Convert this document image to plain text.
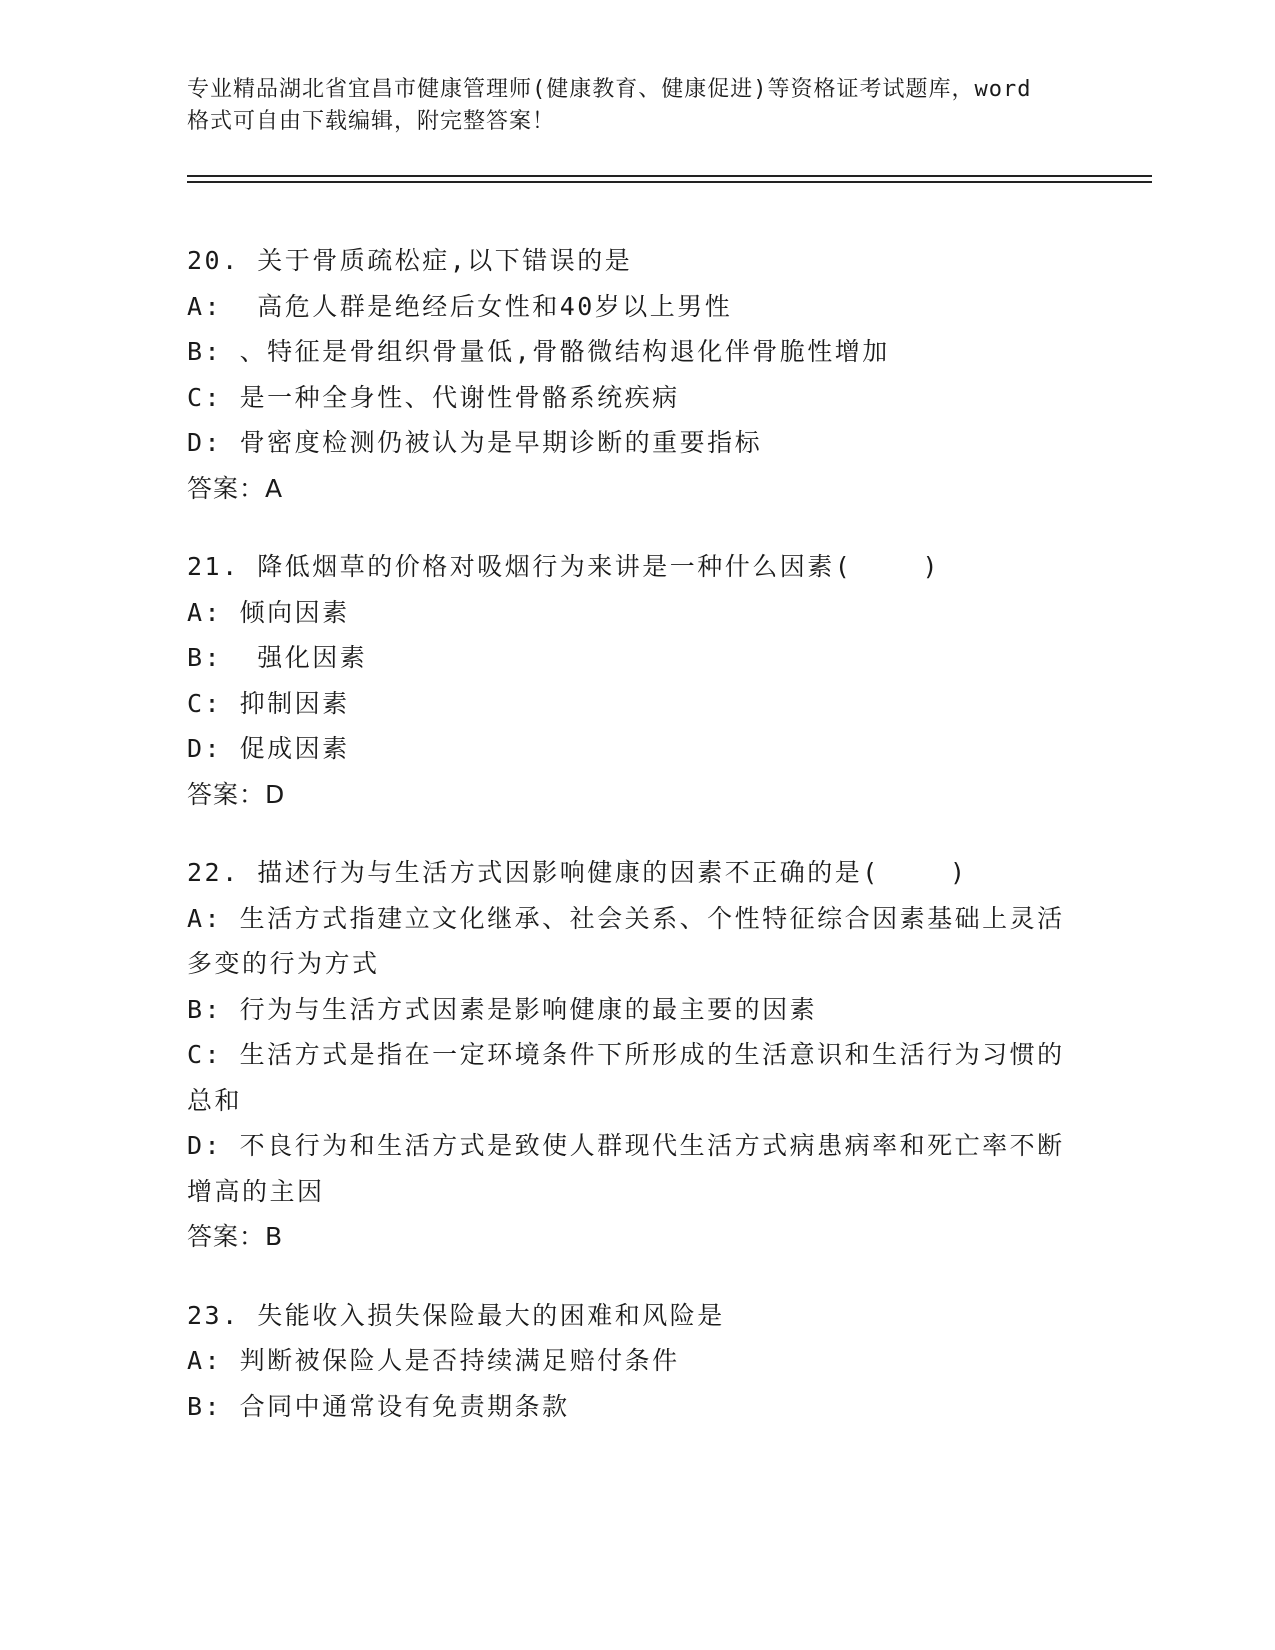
专业精品湖北省宜昌市健康管理师(健康教育、健康促进)等资格证考试题库，word
格式可自由下载编辑，附完整答案！
20. 关于骨质疏松症,以下错误的是
A:  高危人群是绝经后女性和40岁以上男性
B: 、特征是骨组织骨量低,骨骼微结构退化伴骨脆性增加
C: 是一种全身性、代谢性骨骼系统疾病
D: 骨密度检测仍被认为是早期诊断的重要指标
答案：A
21. 降低烟草的价格对吸烟行为来讲是一种什么因素(    )
A: 倾向因素
B:  强化因素
C: 抑制因素
D: 促成因素
答案：D
22. 描述行为与生活方式因影响健康的因素不正确的是(    )
A: 生活方式指建立文化继承、社会关系、个性特征综合因素基础上灵活多变的行为方式
B: 行为与生活方式因素是影响健康的最主要的因素
C: 生活方式是指在一定环境条件下所形成的生活意识和生活行为习惯的总和
D: 不良行为和生活方式是致使人群现代生活方式病患病率和死亡率不断增高的主因
答案：B
23. 失能收入损失保险最大的困难和风险是
A: 判断被保险人是否持续满足赔付条件
B: 合同中通常设有免责期条款
